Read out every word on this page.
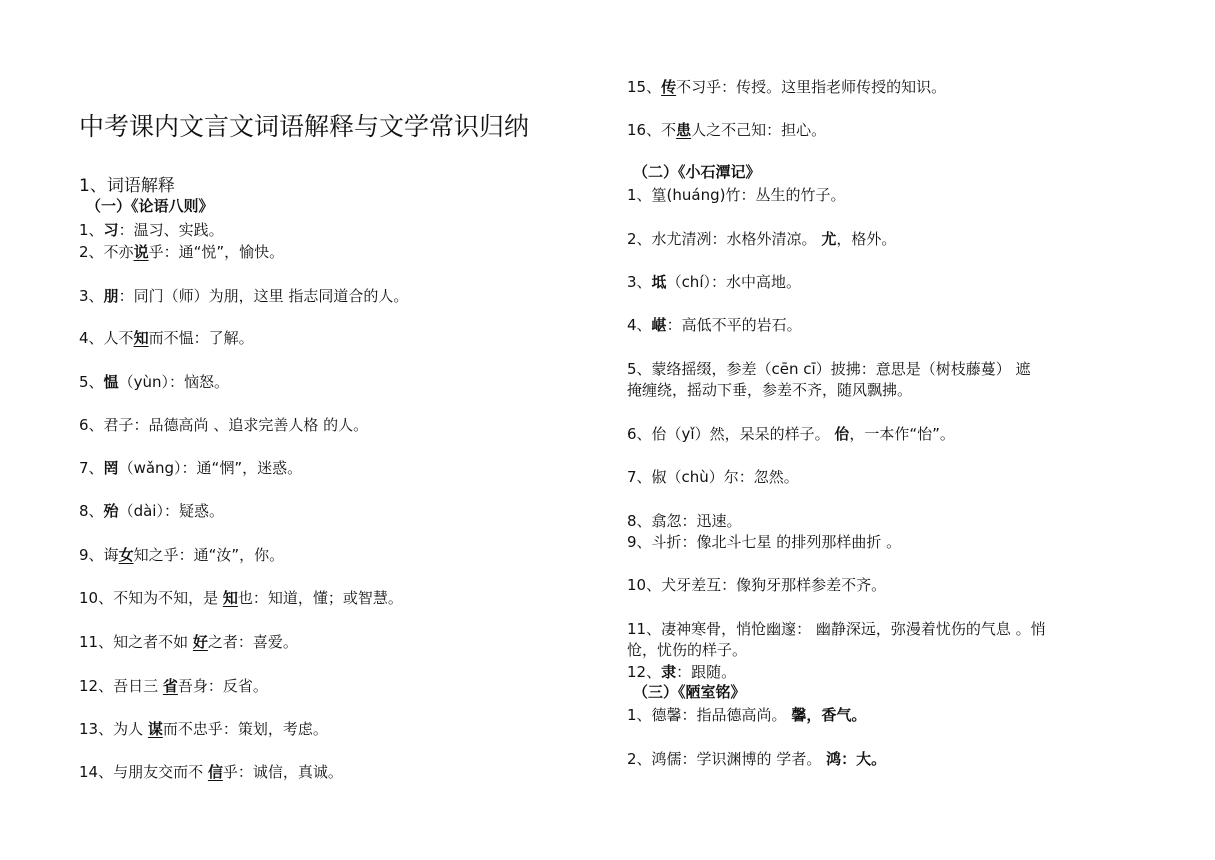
中考课内文言文词语解释与文学常识归纳
1、词语解释
（一）《论语八则》
1、习：温习、实践。
2、不亦说乎：通“悦”，愉快。
3、朋：同门（师）为朋，这里 指志同道合的人。
4、人不知而不愠：了解。
5、愠（yùn）：恼怒。
6、君子：品德高尚 、追求完善人格 的人。
7、罔（wǎng）：通“惘”，迷惑。
8、殆（dài）：疑惑。
9、诲女知之乎：通“汝”，你。
10、不知为不知，是 知也：知道，懂；或智慧。
11、知之者不如 好之者：喜爱。
12、吾日三 省吾身：反省。
13、为人 谋而不忠乎：策划，考虑。
14、与朋友交而不 信乎：诚信，真诚。
15、传不习乎：传授。这里指老师传授的知识。
16、不患人之不己知：担心。
（二）《小石潭记》
1、篁(huáng)竹：丛生的竹子。
2、水尤清冽：水格外清凉。 尤，格外。
3、坻（chí）：水中高地。
4、嵁：高低不平的岩石。
5、蒙络摇缀，参差（cēn cī）披拂：意思是（树枝藤蔓） 遮
掩缠绕，摇动下垂，参差不齐，随风飘拂。
6、佁（yǐ）然，呆呆的样子。 佁，一本作“怡”。
7、俶（chù）尔：忽然。
8、翕忽：迅速。
9、斗折：像北斗七星 的排列那样曲折 。
10、犬牙差互：像狗牙那样参差不齐。
11、凄神寒骨，悄怆幽邃： 幽静深远，弥漫着忧伤的气息 。悄
怆，忧伤的样子。
12、隶：跟随。
（三）《陋室铭》
1、德馨：指品德高尚。 馨，香气。
2、鸿儒：学识渊博的 学者。 鸿：大。
